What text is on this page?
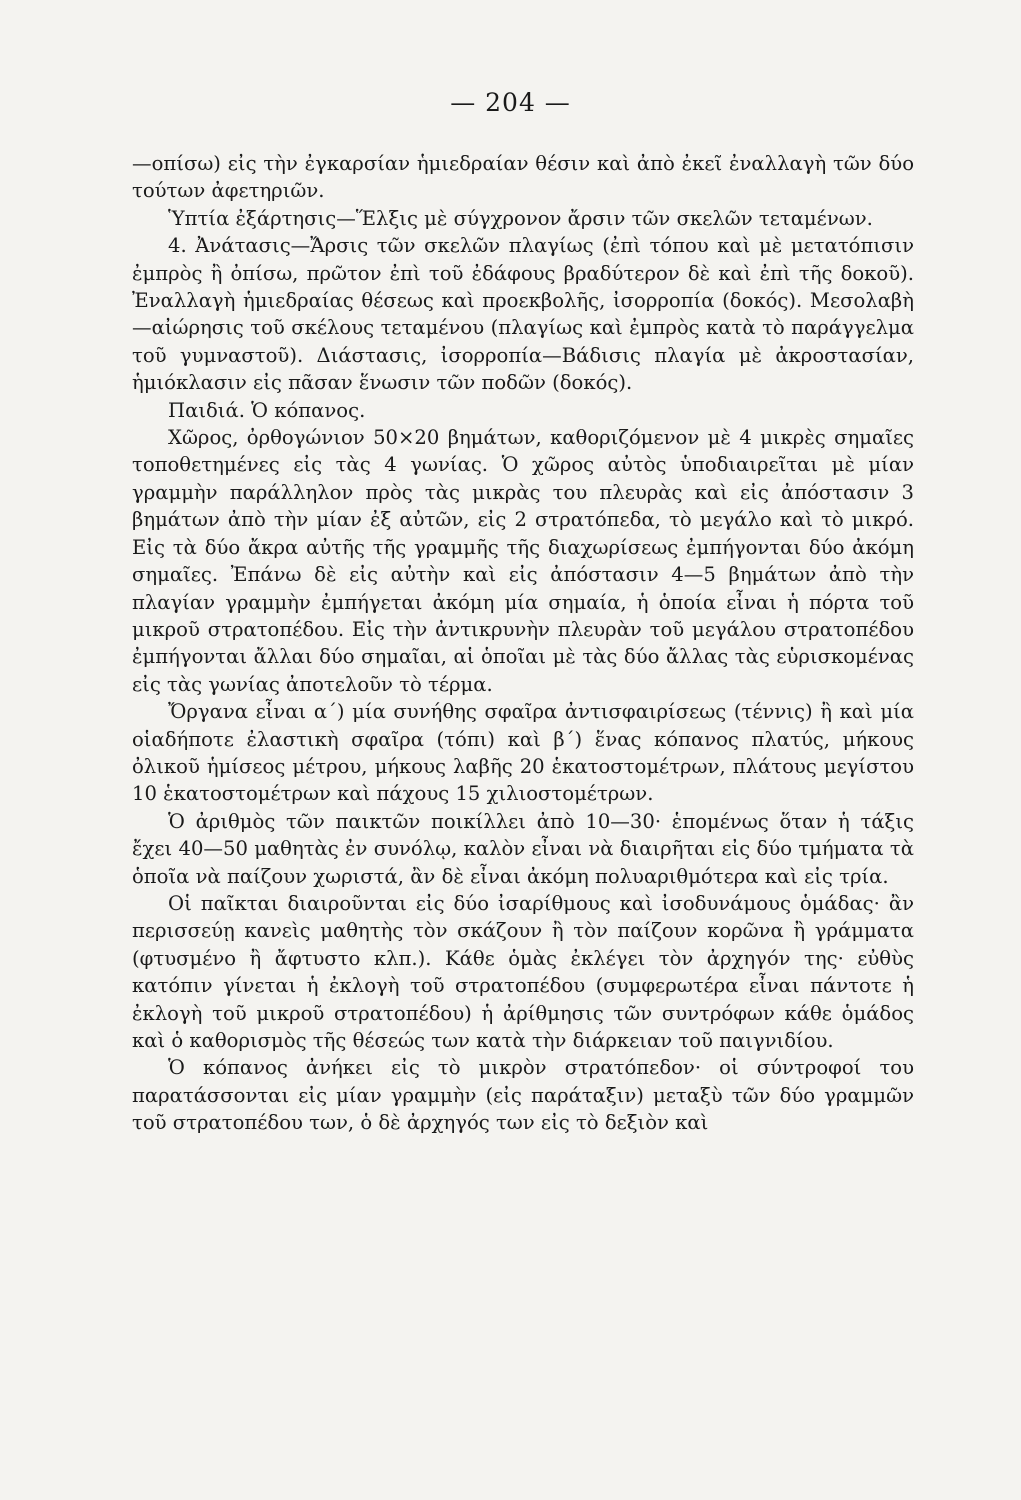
— 204 —

—οπίσω) εἰς τὴν ἐγκαρσίαν ἡμιεδραίαν θέσιν καὶ ἀπὸ ἐκεῖ ἐναλλαγὴ τῶν δύο τούτων ἀφετηριῶν.

Ὑπτία ἐξάρτησις—Ἕλξις μὲ σύγχρονον ἄρσιν τῶν σκελῶν τεταμένων.

4. Ἀνάτασις—Ἄρσις τῶν σκελῶν πλαγίως (ἐπὶ τόπου καὶ μὲ μετατόπισιν ἐμπρὸς ἢ ὀπίσω, πρῶτον ἐπὶ τοῦ ἐδάφους βραδύτερον δὲ καὶ ἐπὶ τῆς δοκοῦ). Ἐναλλαγὴ ἡμιεδραίας θέσεως καὶ προεκβολῆς, ἰσορροπία (δοκός). Μεσολαβὴ—αἰώρησις τοῦ σκέλους τεταμένου (πλαγίως καὶ ἐμπρὸς κατὰ τὸ παράγγελμα τοῦ γυμναστοῦ). Διάστασις, ἰσορροπία—Βάδισις πλαγία μὲ ἀκροστασίαν, ἡμιόκλασιν εἰς πᾶσαν ἕνωσιν τῶν ποδῶν (δοκός).

Παιδιά. Ὁ κόπανος.

Χῶρος, ὀρθογώνιον 50×20 βημάτων, καθοριζόμενον μὲ 4 μικρὲς σημαῖες τοποθετημένες εἰς τὰς 4 γωνίας. Ὁ χῶρος αὐτὸς ὑποδιαιρεῖται μὲ μίαν γραμμὴν παράλληλον πρὸς τὰς μικρὰς του πλευρὰς καὶ εἰς ἀπόστασιν 3 βημάτων ἀπὸ τὴν μίαν ἐξ αὐτῶν, εἰς 2 στρατόπεδα, τὸ μεγάλο καὶ τὸ μικρό. Εἰς τὰ δύο ἄκρα αὐτῆς τῆς γραμμῆς τῆς διαχωρίσεως ἐμπήγονται δύο ἀκόμη σημαῖες. Ἐπάνω δὲ εἰς αὐτὴν καὶ εἰς ἀπόστασιν 4—5 βημάτων ἀπὸ τὴν πλαγίαν γραμμὴν ἐμπήγεται ἀκόμη μία σημαία, ἡ ὁποία εἶναι ἡ πόρτα τοῦ μικροῦ στρατοπέδου. Εἰς τὴν ἀντικρυνὴν πλευρὰν τοῦ μεγάλου στρατοπέδου ἐμπήγονται ἄλλαι δύο σημαῖαι, αἱ ὁποῖαι μὲ τὰς δύο ἄλλας τὰς εὑρισκομένας εἰς τὰς γωνίας ἀποτελοῦν τὸ τέρμα.

Ὄργανα εἶναι α΄) μία συνήθης σφαῖρα ἀντισφαιρίσεως (τέννις) ἢ καὶ μία οἱαδήποτε ἐλαστικὴ σφαῖρα (τόπι) καὶ β΄) ἕνας κόπανος πλατύς, μήκους ὀλικοῦ ἡμίσεος μέτρου, μήκους λαβῆς 20 ἑκατοστομέτρων, πλάτους μεγίστου 10 ἑκατοστομέτρων καὶ πάχους 15 χιλιοστομέτρων.

Ὁ ἀριθμὸς τῶν παικτῶν ποικίλλει ἀπὸ 10—30· ἑπομένως ὅταν ἡ τάξις ἔχει 40—50 μαθητὰς ἐν συνόλῳ, καλὸν εἶναι νὰ διαιρῆται εἰς δύο τμήματα τὰ ὁποῖα νὰ παίζουν χωριστά, ἂν δὲ εἶναι ἀκόμη πολυαριθμότερα καὶ εἰς τρία.

Οἱ παῖκται διαιροῦνται εἰς δύο ἰσαρίθμους καὶ ἰσοδυνάμους ὁμάδας· ἂν περισσεύῃ κανεὶς μαθητὴς τὸν σκάζουν ἢ τὸν παίζουν κορῶνα ἢ γράμματα (φτυσμένο ἢ ἄφτυστο κλπ.). Κάθε ὁμὰς ἐκλέγει τὸν ἀρχηγόν της· εὐθὺς κατόπιν γίνεται ἡ ἐκλογὴ τοῦ στρατοπέδου (συμφερωτέρα εἶναι πάντοτε ἡ ἐκλογὴ τοῦ μικροῦ στρατοπέδου) ἡ ἀρίθμησις τῶν συντρόφων κάθε ὁμάδος καὶ ὁ καθορισμὸς τῆς θέσεώς των κατὰ τὴν διάρκειαν τοῦ παιγνιδίου.

Ὁ κόπανος ἀνήκει εἰς τὸ μικρὸν στρατόπεδον· οἱ σύντροφοί του παρατάσσονται εἰς μίαν γραμμὴν (εἰς παράταξιν) μεταξὺ τῶν δύο γραμμῶν τοῦ στρατοπέδου των, ὁ δὲ ἀρχηγός των εἰς τὸ δεξιὸν καὶ
